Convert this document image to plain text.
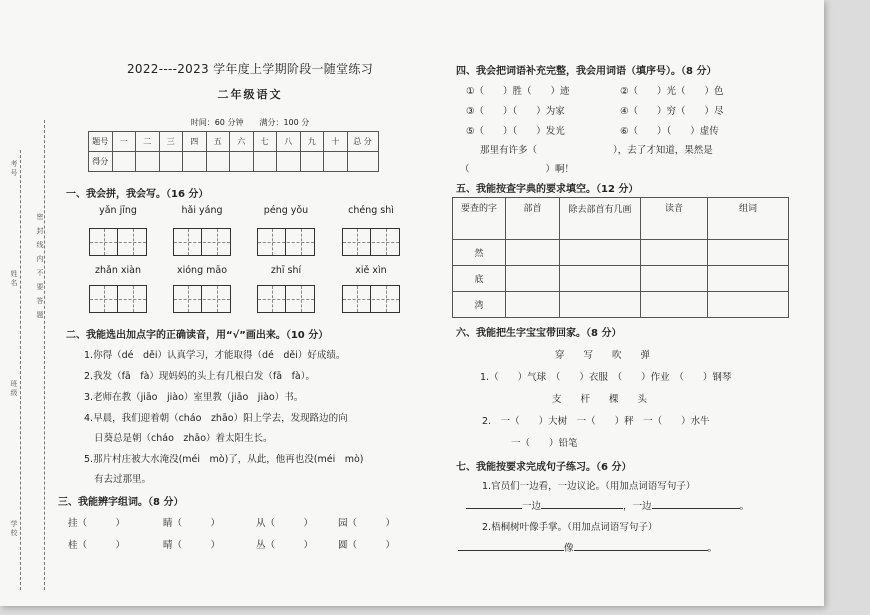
考号
姓名
班级
学校
密 封 线 内 不 要 答 题
2022----2023 学年度上学期阶段一随堂练习
二年级语文
时间：60 分钟　　满分：100 分
题号	一	二	三	四	五	六	七	八	九	十	总 分
得分											
一、我会拼，我会写。（16 分）
yǎn jīng	hǎi yáng	péng yǒu	chéng shì
zhǎn xiàn	xióng māo	zhī shí	xiě xìn
二、我能选出加点字的正确读音，用“√”画出来。（10 分）
1.你得（dé　děi）认真学习，才能取得（dé　děi）好成绩。
2.我发（fā　fà）现妈妈的头上有几根白发（fā　fà）。
3.老师在教（jiāo　jiào）室里教（jiāo　jiào）书。
4.早晨，我们迎着朝（cháo　zhāo）阳上学去，发现路边的向
日葵总是朝（cháo　zhāo）着太阳生长。
5.那片村庄被大水淹没(méi　mò)了，从此，他再也没(méi　mò)
有去过那里。
三、我能辨字组词。（8 分）
挂（　　　）	睛（　　　）	从（　　　）	园（　　　）
桂（　　　）	晴（　　　）	丛（　　　）	圆（　　　）
四、我会把词语补充完整，我会用词语（填序号）。（8 分）
①（　　）胜（　　）迹	②（　　）光（　　）色
③（　　）（　　）为家	④（　　）穷（　　）尽
⑤（　　）（　　）发光	⑥（　　）（　　）虚传
那里有许多（　　　　　　　　），去了才知道，果然是
（　　　　　　　　）啊！
五、我能按查字典的要求填空。（12 分）
要查的字	部首	除去部首有几画	读音	组词
然				
底				
湾				
六、我能把生字宝宝带回家。（8 分）
穿　　写　　吹　　弹
1.（　　）气球　（　　）衣服　（　　）作业　（　　）钢琴
支　　杆　　棵　　头
2.　一（　　）大树　一（　　）秤　一（　　）水牛
一（　　）铅笔
七、我能按要求完成句子练习。（6 分）
1.官员们一边看，一边议论。（用加点词语写句子）
一边	，一边	。
2.梧桐树叶像手掌。（用加点词语写句子）
像	。
